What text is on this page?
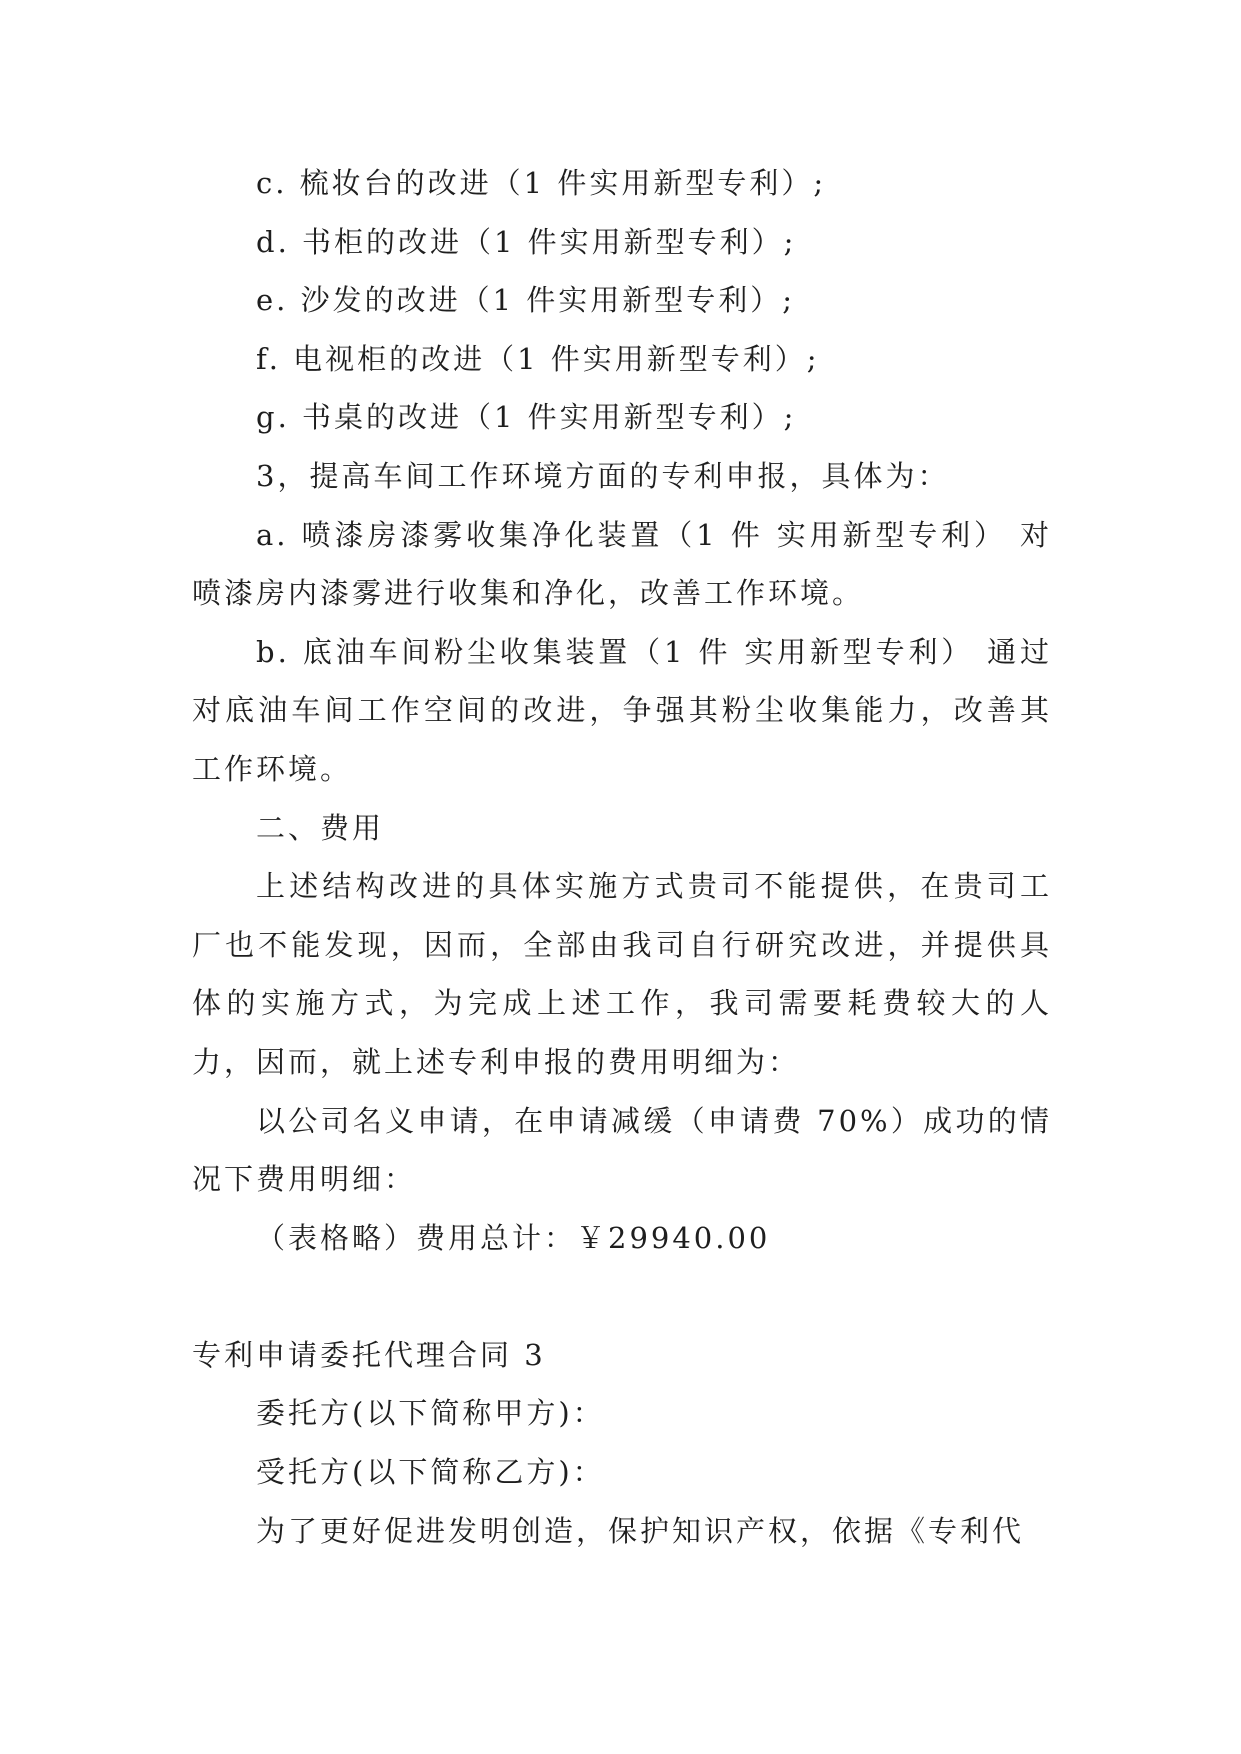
c. 梳妆台的改进（1 件实用新型专利）;

d. 书柜的改进（1 件实用新型专利）;

e. 沙发的改进（1 件实用新型专利）;

f. 电视柜的改进（1 件实用新型专利）;

g. 书桌的改进（1 件实用新型专利）;

3，提高车间工作环境方面的专利申报，具体为：

a. 喷漆房漆雾收集净化装置（1 件 实用新型专利） 对喷漆房内漆雾进行收集和净化，改善工作环境。

b. 底油车间粉尘收集装置（1 件 实用新型专利） 通过对底油车间工作空间的改进，争强其粉尘收集能力，改善其工作环境。

二、费用

上述结构改进的具体实施方式贵司不能提供，在贵司工厂也不能发现，因而，全部由我司自行研究改进，并提供具体的实施方式，为完成上述工作，我司需要耗费较大的人力，因而，就上述专利申报的费用明细为：

以公司名义申请，在申请减缓（申请费 70%）成功的情况下费用明细：

（表格略）费用总计：￥29940.00

专利申请委托代理合同 3

委托方(以下简称甲方)：

受托方(以下简称乙方)：

为了更好促进发明创造，保护知识产权，依据《专利代
